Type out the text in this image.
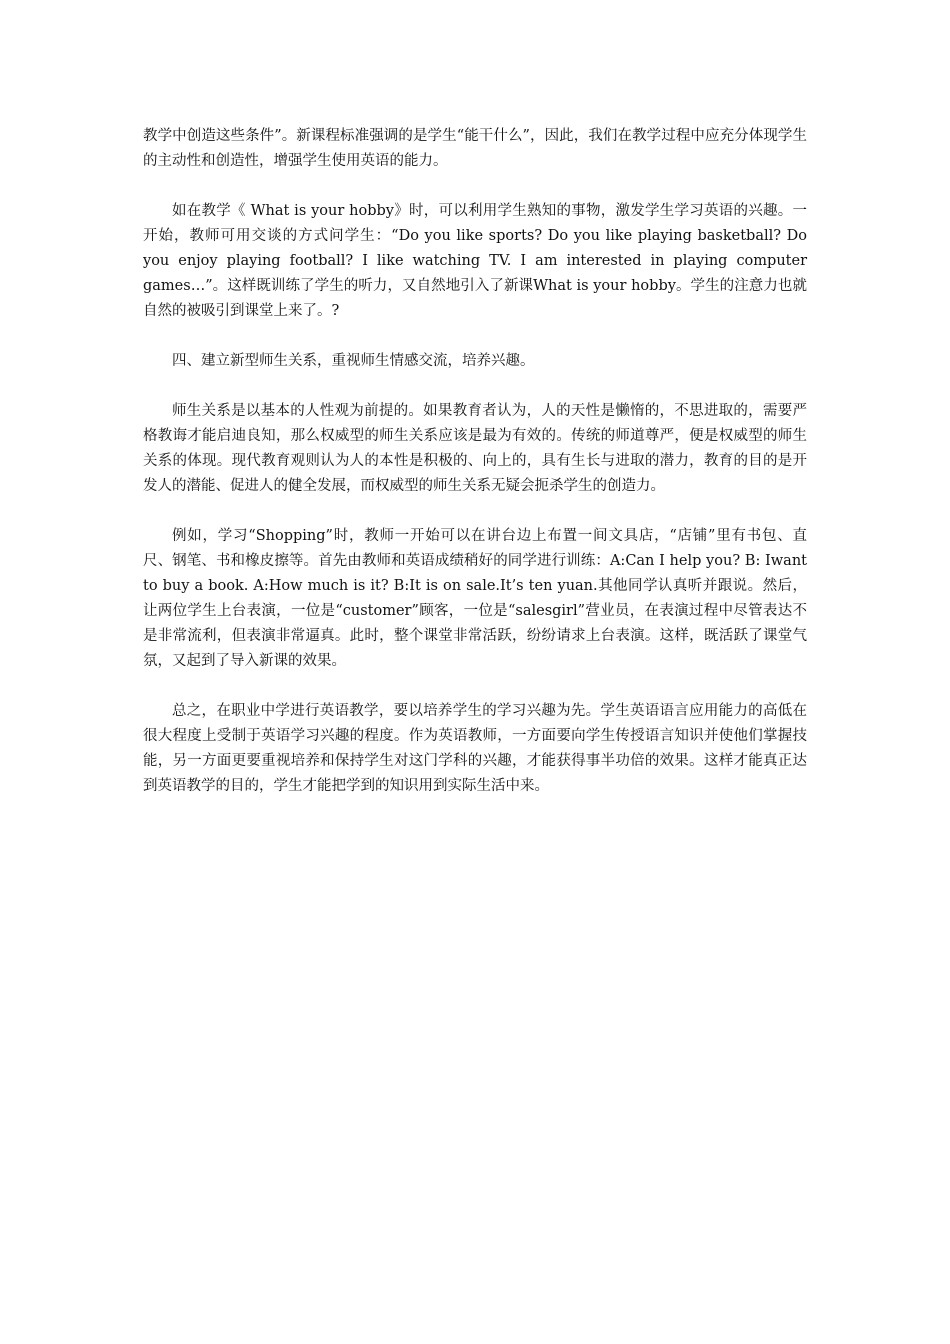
教学中创造这些条件”。新课程标准强调的是学生“能干什么”，因此，我们在教学过程中应充分体现学生的主动性和创造性，增强学生使用英语的能力。

如在教学《 What is your hobby》时，可以利用学生熟知的事物，激发学生学习英语的兴趣。一开始，教师可用交谈的方式问学生：“Do you like sports? Do you like playing basketball? Do you enjoy playing football? I like watching TV. I am interested in playing computer games…”。这样既训练了学生的听力，又自然地引入了新课What is your hobby。学生的注意力也就自然的被吸引到课堂上来了。?

四、建立新型师生关系，重视师生情感交流，培养兴趣。

师生关系是以基本的人性观为前提的。如果教育者认为，人的天性是懒惰的，不思进取的，需要严格教诲才能启迪良知，那么权威型的师生关系应该是最为有效的。传统的师道尊严，便是权威型的师生关系的体现。现代教育观则认为人的本性是积极的、向上的，具有生长与进取的潜力，教育的目的是开发人的潜能、促进人的健全发展，而权威型的师生关系无疑会扼杀学生的创造力。

例如，学习“Shopping”时，教师一开始可以在讲台边上布置一间文具店，“店铺”里有书包、直尺、钢笔、书和橡皮擦等。首先由教师和英语成绩稍好的同学进行训练：A:Can I help you? B: Iwant to buy a book. A:How much is it? B:It is on sale.It’s ten yuan.其他同学认真听并跟说。然后，让两位学生上台表演，一位是“customer”顾客，一位是“salesgirl”营业员，在表演过程中尽管表达不是非常流利，但表演非常逼真。此时，整个课堂非常活跃，纷纷请求上台表演。这样，既活跃了课堂气氛，又起到了导入新课的效果。

总之，在职业中学进行英语教学，要以培养学生的学习兴趣为先。学生英语语言应用能力的高低在很大程度上受制于英语学习兴趣的程度。作为英语教师，一方面要向学生传授语言知识并使他们掌握技能，另一方面更要重视培养和保持学生对这门学科的兴趣，才能获得事半功倍的效果。这样才能真正达到英语教学的目的，学生才能把学到的知识用到实际生活中来。
